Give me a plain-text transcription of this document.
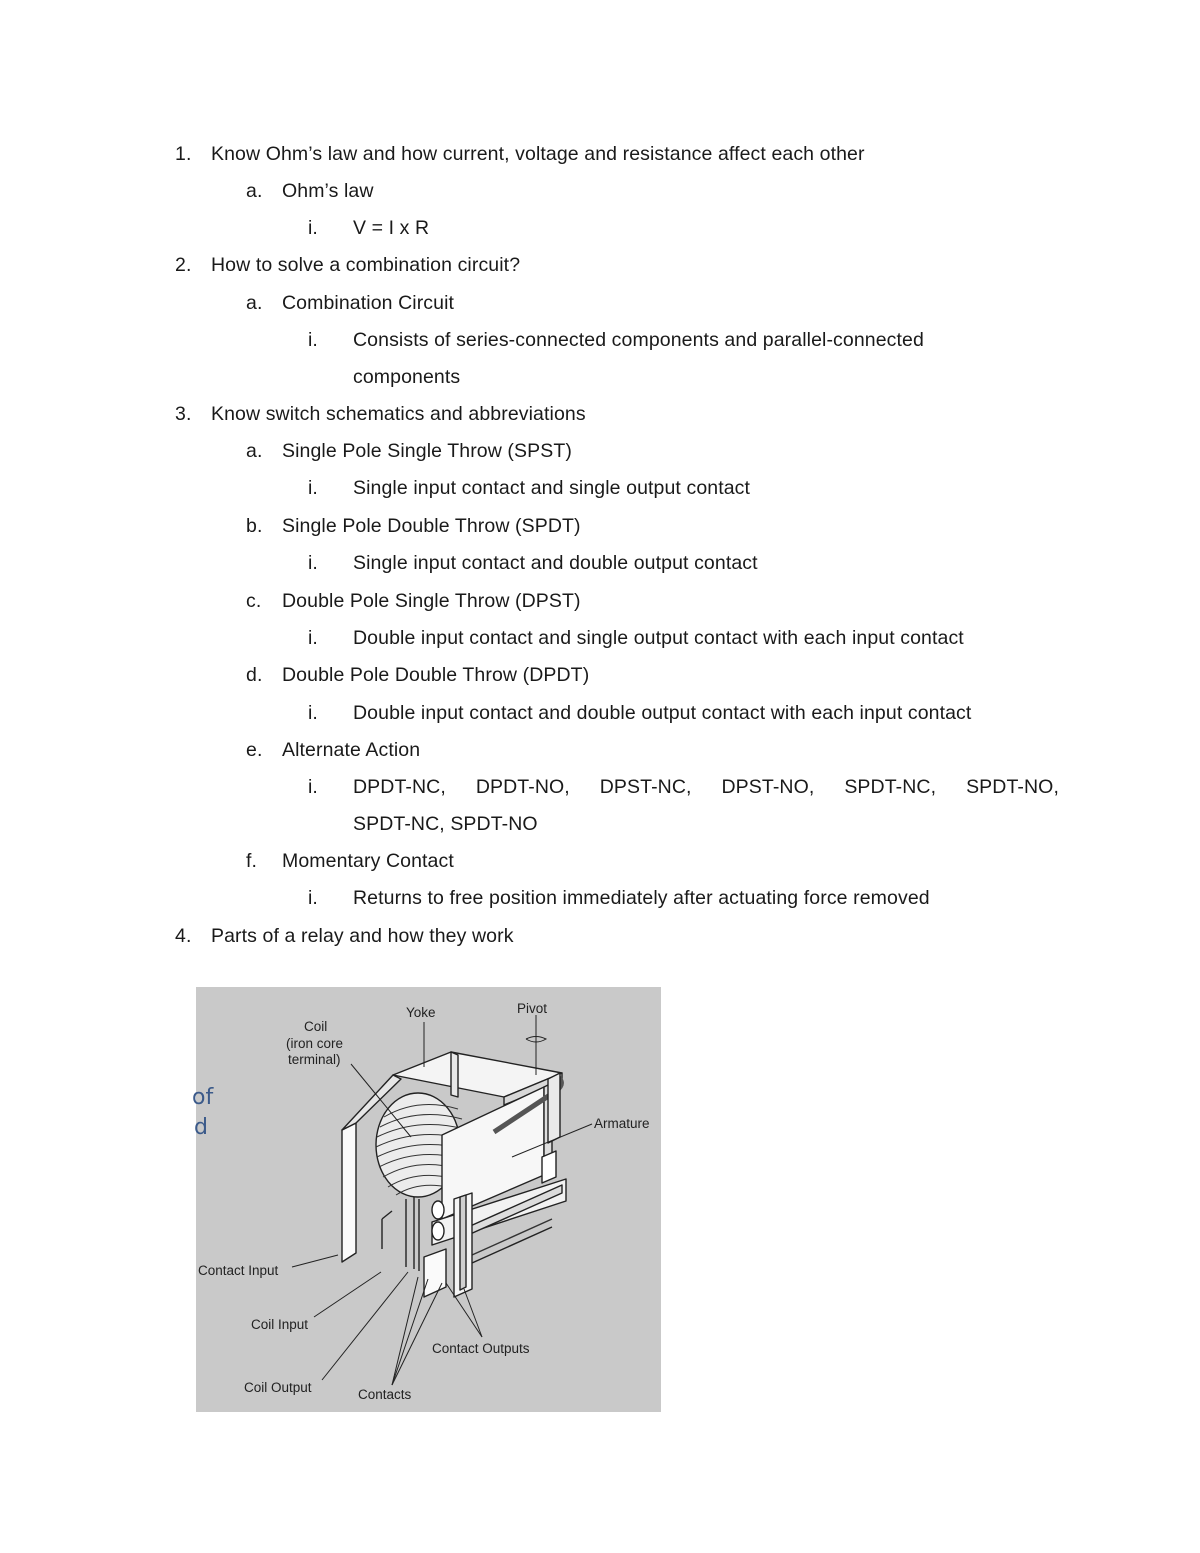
1. Know Ohm’s law and how current, voltage and resistance affect each other
a. Ohm’s law
i. V = I x R
2. How to solve a combination circuit?
a. Combination Circuit
i. Consists of series-connected components and parallel-connected
components
3. Know switch schematics and abbreviations
a. Single Pole Single Throw (SPST)
i. Single input contact and single output contact
b. Single Pole Double Throw (SPDT)
i. Single input contact and double output contact
c. Double Pole Single Throw (DPST)
i. Double input contact and single output contact with each input contact
d. Double Pole Double Throw (DPDT)
i. Double input contact and double output contact with each input contact
e. Alternate Action
i. DPDT-NC, DPDT-NO, DPST-NC, DPST-NO, SPDT-NC, SPDT-NO,
SPDT-NC, SPDT-NO
f. Momentary Contact
i. Returns to free position immediately after actuating force removed
4. Parts of a relay and how they work
of
d
Coil
(iron core
terminal)
Yoke	Pivot
Armature
Contact Input
Coil Input
Coil Output	Contacts
Contact Outputs
